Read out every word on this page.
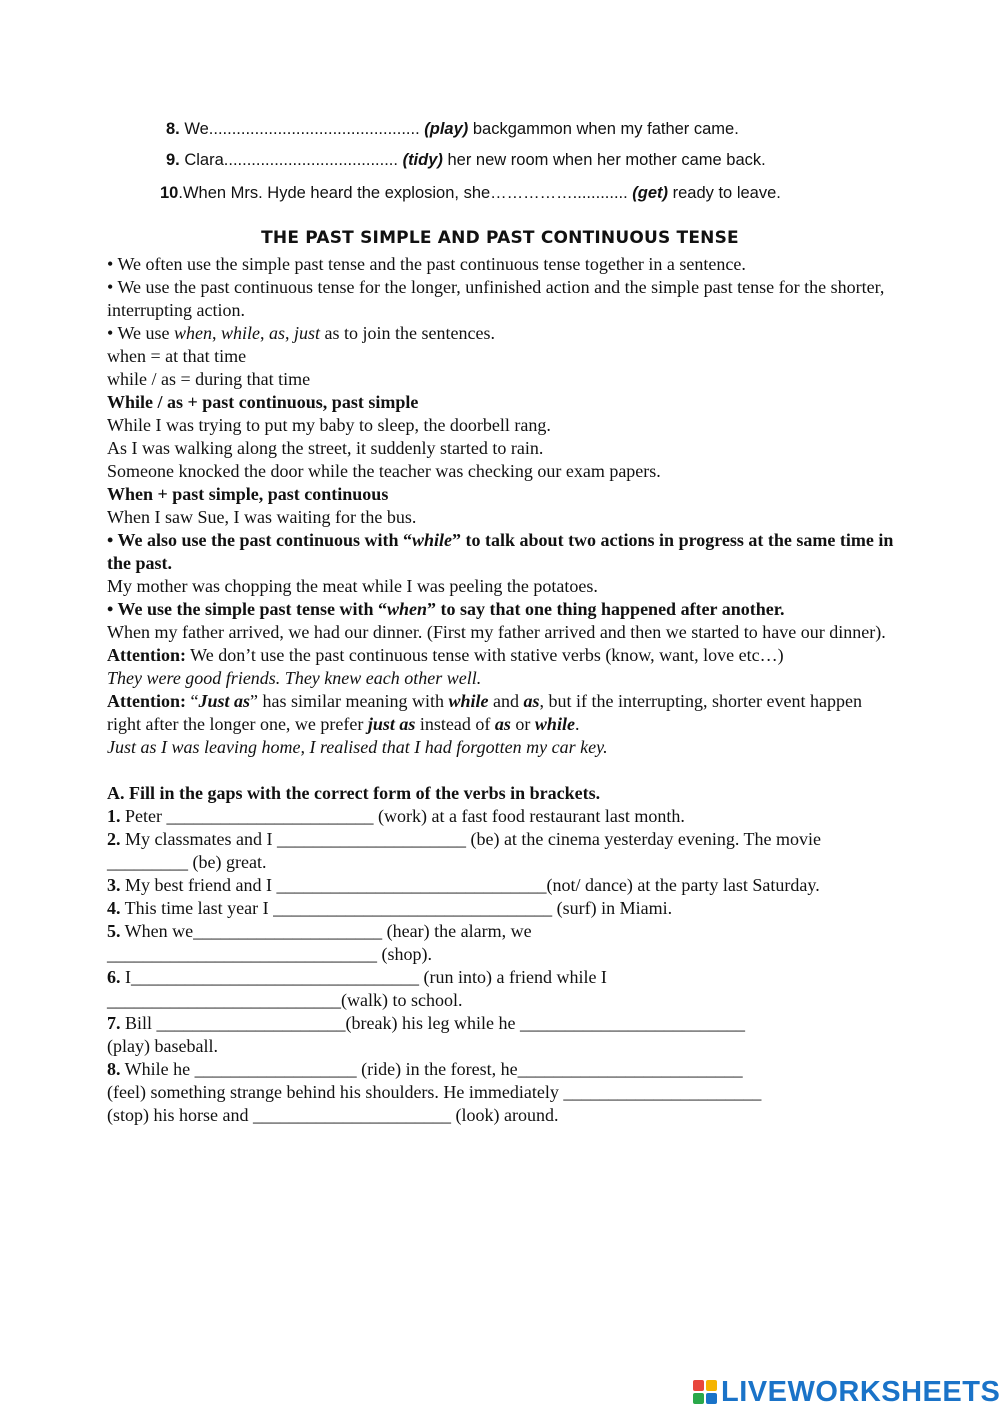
8. We.............................................. (play) backgammon when my father came.
9. Clara...................................... (tidy) her new room when her mother came back.
10.When Mrs. Hyde heard the explosion, she……………............ (get) ready to leave.
THE PAST SIMPLE AND PAST CONTINUOUS TENSE

• We often use the simple past tense and the past continuous tense together in a sentence.

• We use the past continuous tense for the longer, unfinished action and the simple past tense for the shorter, interrupting action.

• We use when, while, as, just as to join the sentences.

when = at that time

while / as = during that time

While / as + past continuous, past simple

While I was trying to put my baby to sleep, the doorbell rang.

As I was walking along the street, it suddenly started to rain.

Someone knocked the door while the teacher was checking our exam papers.

When + past simple, past continuous

When I saw Sue, I was waiting for the bus.

• We also use the past continuous with “while” to talk about two actions in progress at the same time in the past.

My mother was chopping the meat while I was peeling the potatoes.

• We use the simple past tense with “when” to say that one thing happened after another.

When my father arrived, we had our dinner. (First my father arrived and then we started to have our dinner).

Attention: We don’t use the past continuous tense with stative verbs (know, want, love etc…)

They were good friends. They knew each other well.

Attention: “Just as” has similar meaning with while and as, but if the interrupting, shorter event happen right after the longer one, we prefer just as instead of as or while.

Just as I was leaving home, I realised that I had forgotten my car key.

A. Fill in the gaps with the correct form of the verbs in brackets.

1. Peter _______________________ (work) at a fast food restaurant last month.

2. My classmates and I _____________________ (be) at the cinema yesterday evening. The movie _________ (be) great.

3. My best friend and I ______________________________(not/ dance) at the party last Saturday.

4. This time last year I _______________________________ (surf) in Miami.

5. When we_____________________ (hear) the alarm, we

______________________________ (shop).

6. I________________________________ (run into) a friend while I

__________________________(walk) to school.

7. Bill _____________________(break) his leg while he _________________________

(play) baseball.

8. While he __________________ (ride) in the forest, he_________________________

(feel) something strange behind his shoulders. He immediately ______________________

(stop) his horse and ______________________ (look) around.

LIVEWORKSHEETS
